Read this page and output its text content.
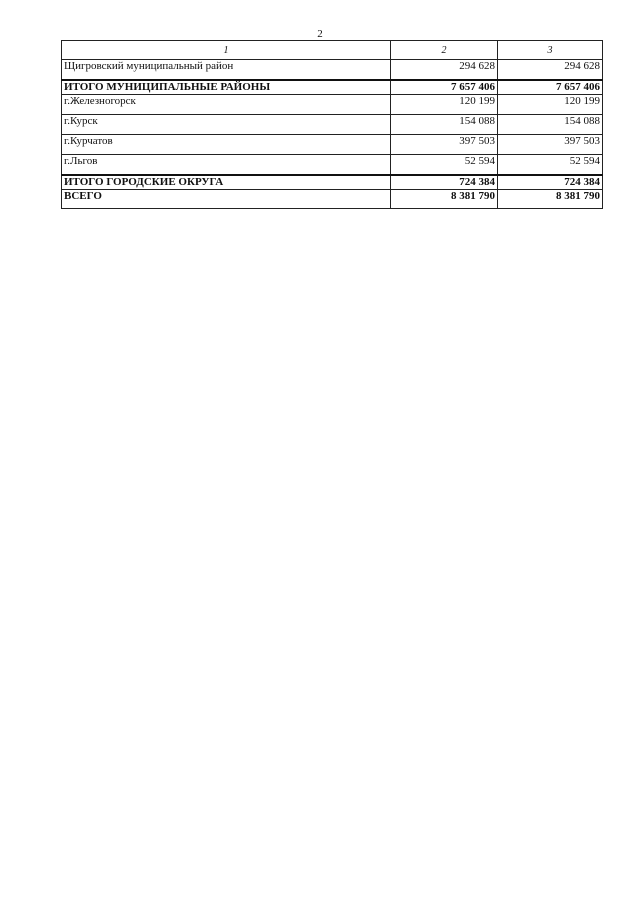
2
1	2	3
Щигровский муниципальный район	294 628	294 628
ИТОГО МУНИЦИПАЛЬНЫЕ РАЙОНЫ	7 657 406	7 657 406
г.Железногорск	120 199	120 199
г.Курск	154 088	154 088
г.Курчатов	397 503	397 503
г.Льгов	52 594	52 594
ИТОГО ГОРОДСКИЕ ОКРУГА	724 384	724 384
ВСЕГО	8 381 790	8 381 790
